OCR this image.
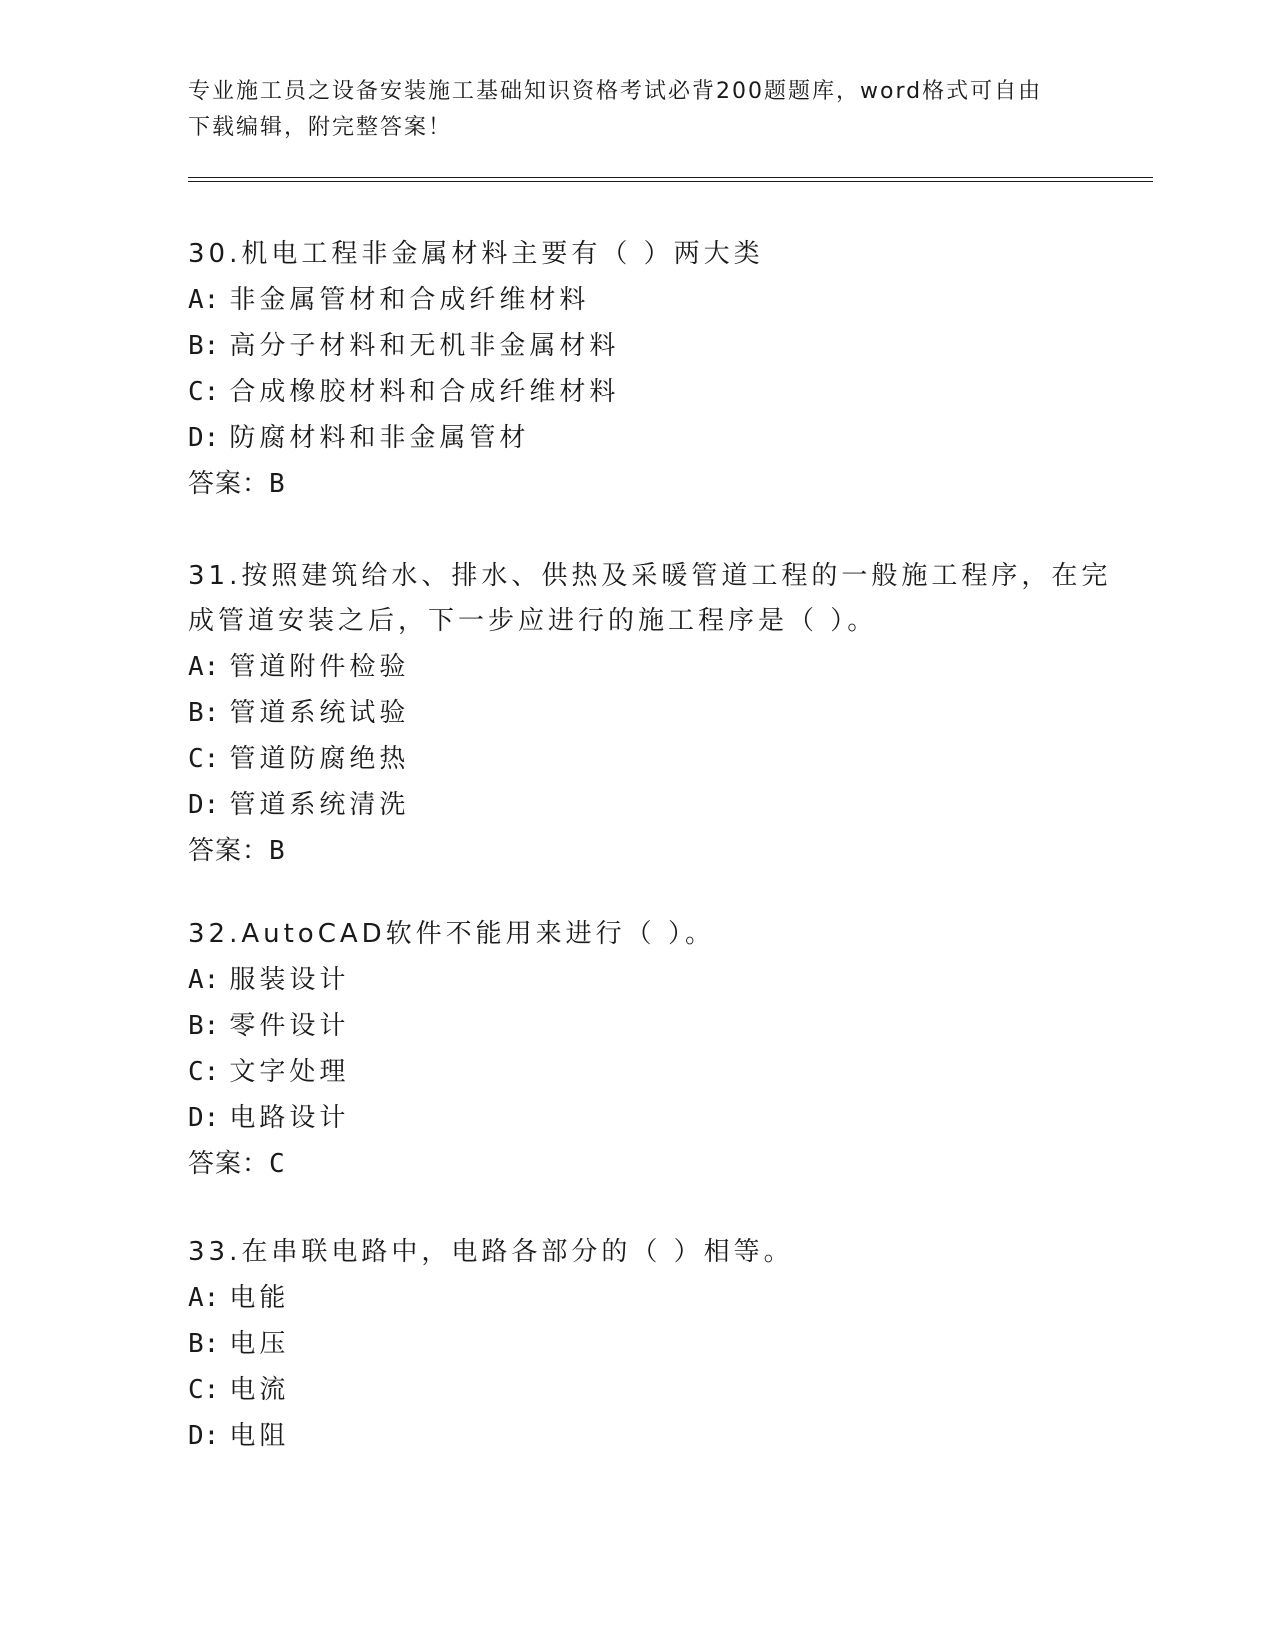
专业施工员之设备安装施工基础知识资格考试必背200题题库，word格式可自由
下载编辑，附完整答案！
30.机电工程非金属材料主要有（ ）两大类
A: 非金属管材和合成纤维材料
B: 高分子材料和无机非金属材料
C: 合成橡胶材料和合成纤维材料
D: 防腐材料和非金属管材
答案：B
31.按照建筑给水、排水、供热及采暖管道工程的一般施工程序，在完
成管道安装之后，下一步应进行的施工程序是（ ）。
A: 管道附件检验
B: 管道系统试验
C: 管道防腐绝热
D: 管道系统清洗
答案：B
32.AutoCAD软件不能用来进行（ ）。
A: 服装设计
B: 零件设计
C: 文字处理
D: 电路设计
答案：C
33.在串联电路中，电路各部分的（ ）相等。
A: 电能
B: 电压
C: 电流
D: 电阻
